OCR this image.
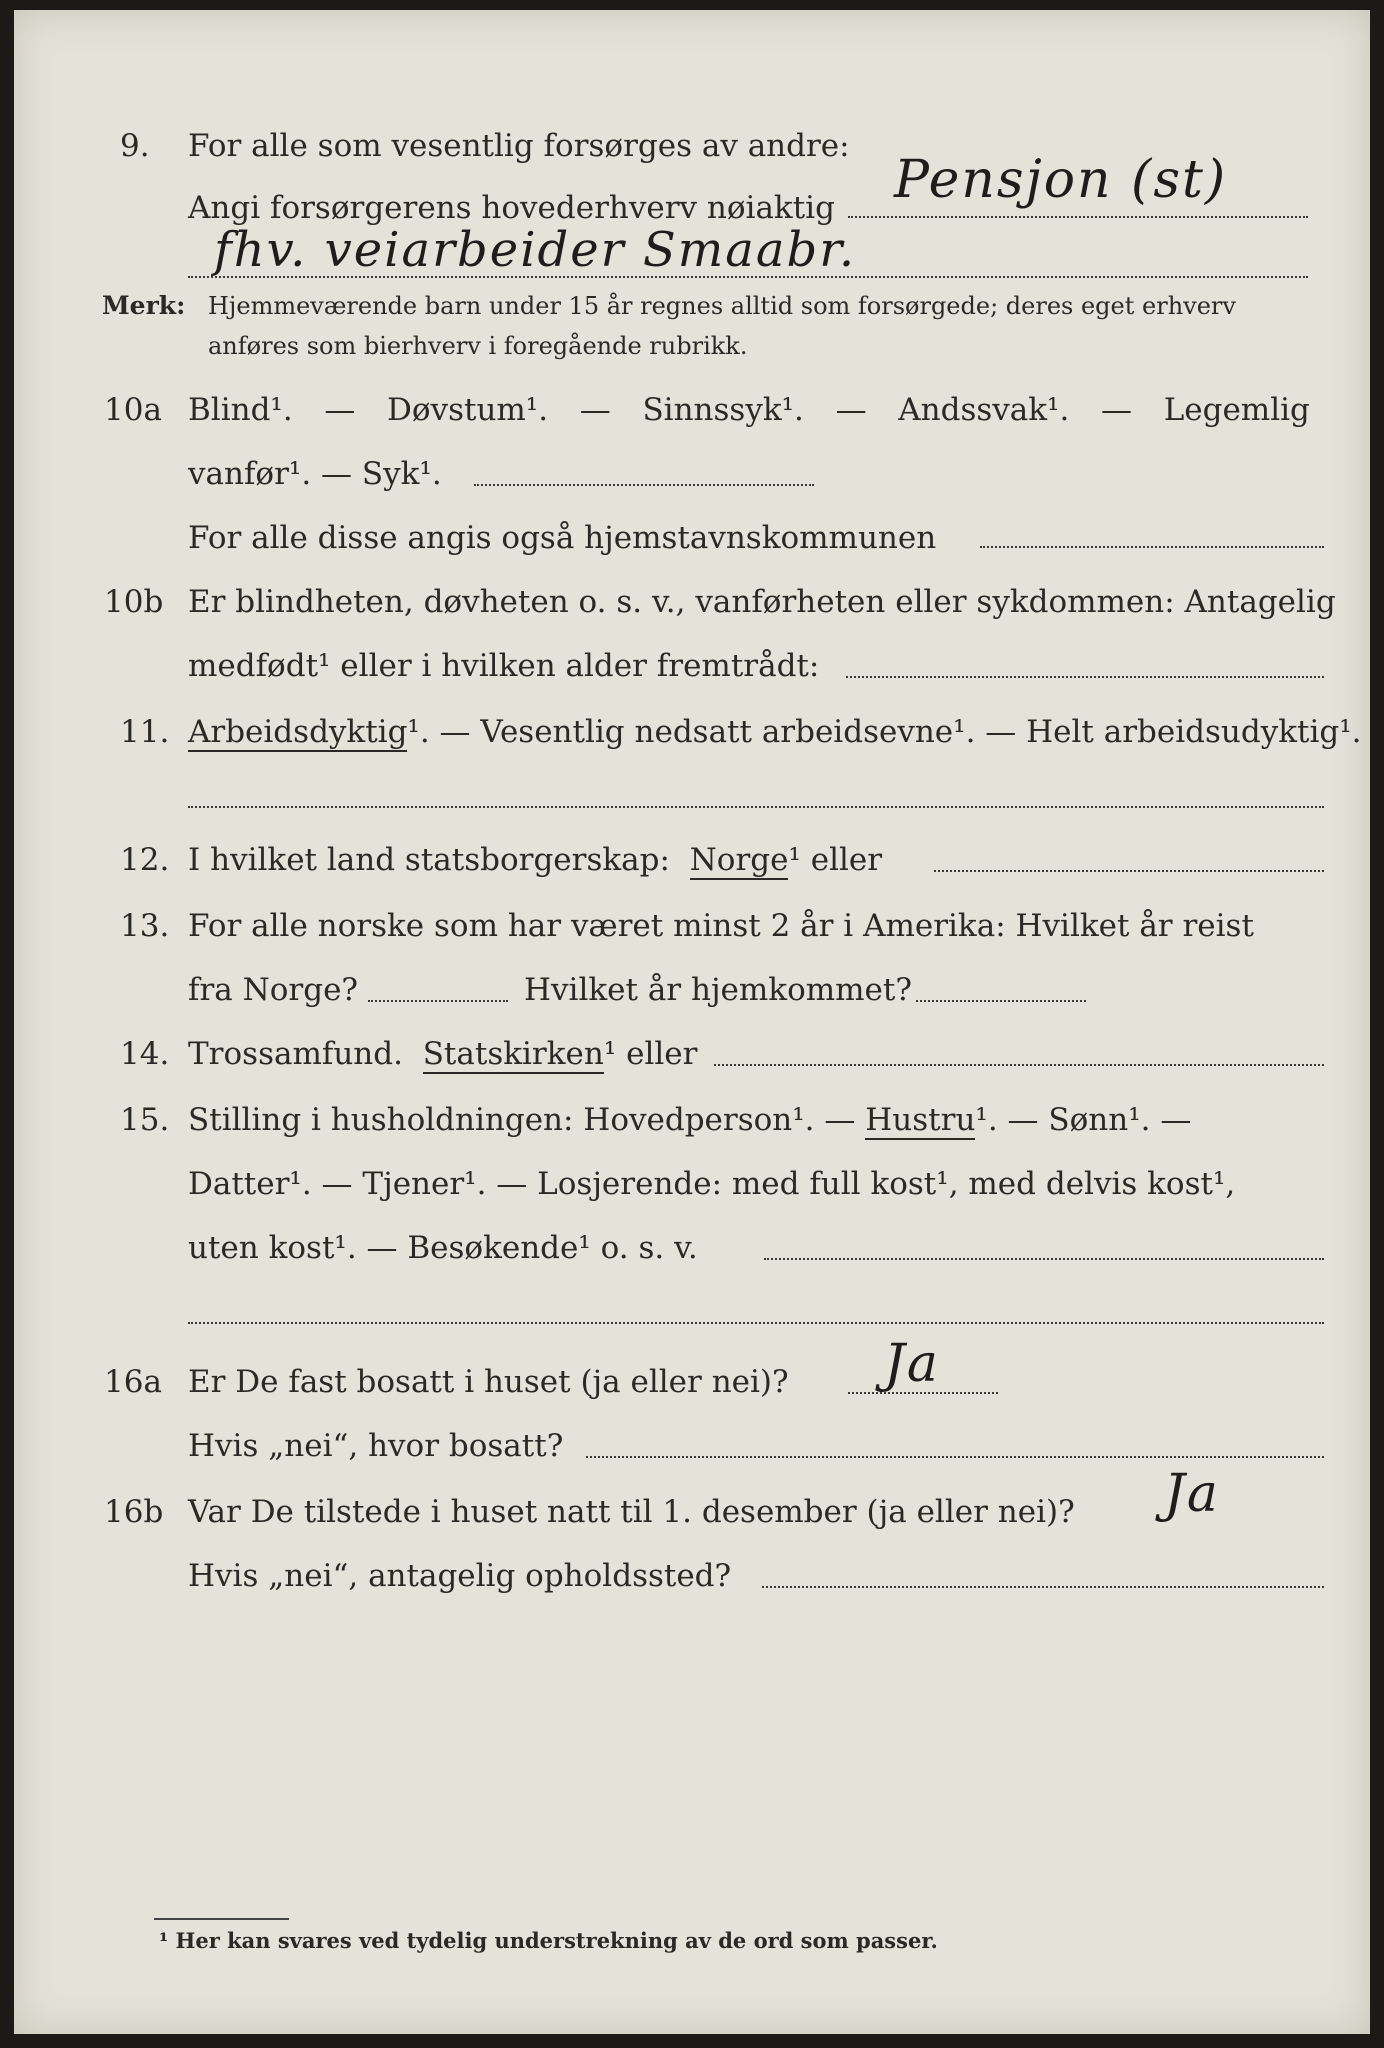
9. For alle som vesentlig forsørges av andre:
Angi forsørgerens hovederhverv nøiaktig Pensjon (st)
fhv. veiarbeider Smaabr.
Merk: Hjemmeværende barn under 15 år regnes alltid som forsørgede; deres eget erhverv
anføres som bierhverv i foregående rubrikk.
10a Blind¹. — Døvstum¹. — Sinnssyk¹. — Andssvak¹. — Legemlig
vanfør¹. — Syk¹.
For alle disse angis også hjemstavnskommunen
10b Er blindheten, døvheten o. s. v., vanførheten eller sykdommen: Antagelig
medfødt¹ eller i hvilken alder fremtrådt:
11. Arbeidsdyktig¹. — Vesentlig nedsatt arbeidsevne¹. — Helt arbeidsudyktig¹.
12. I hvilket land statsborgerskap: Norge¹ eller
13. For alle norske som har været minst 2 år i Amerika: Hvilket år reist
fra Norge?	Hvilket år hjemkommet?
14. Trossamfund. Statskirken¹ eller
15. Stilling i husholdningen: Hovedperson¹. — Hustru¹. — Sønn¹. —
Datter¹. — Tjener¹. — Losjerende: med full kost¹, med delvis kost¹,
uten kost¹. — Besøkende¹ o. s. v.
16a Er De fast bosatt i huset (ja eller nei)? Ja
Hvis „nei“, hvor bosatt?
16b Var De tilstede i huset natt til 1. desember (ja eller nei)? Ja
Hvis „nei“, antagelig opholdssted?
¹ Her kan svares ved tydelig understrekning av de ord som passer.
